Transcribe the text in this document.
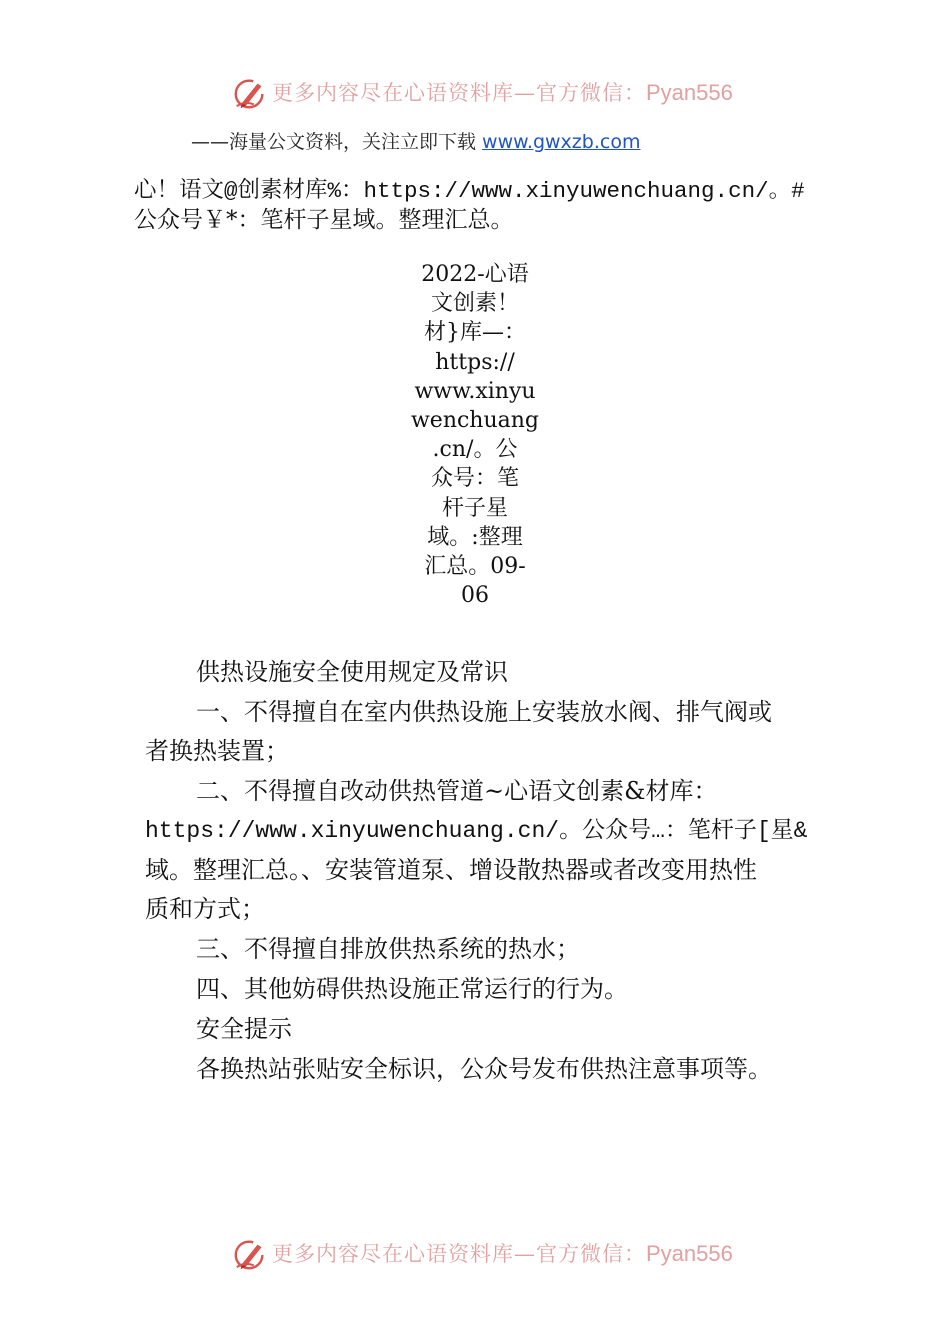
更多内容尽在心语资料库—官方微信：Pyan556
——海量公文资料，关注立即下载 www.gwxzb.com
心！语文@创素材库%：https://www.xinyuwenchuang.cn/。#
公众号￥*：笔杆子星域。整理汇总。
2022-心语
文创素！
材}库—：
https://
www.xinyu
wenchuang
.cn/。公
众号：笔
杆子星
域。:整理
汇总。09-
06
供热设施安全使用规定及常识
一、不得擅自在室内供热设施上安装放水阀、排气阀或
者换热装置；
二、不得擅自改动供热管道~心语文创素&材库：
https://www.xinyuwenchuang.cn/。公众号…：笔杆子[星&
域。整理汇总。、安装管道泵、增设散热器或者改变用热性
质和方式；
三、不得擅自排放供热系统的热水；
四、其他妨碍供热设施正常运行的行为。
安全提示
各换热站张贴安全标识，公众号发布供热注意事项等。
更多内容尽在心语资料库—官方微信：Pyan556
